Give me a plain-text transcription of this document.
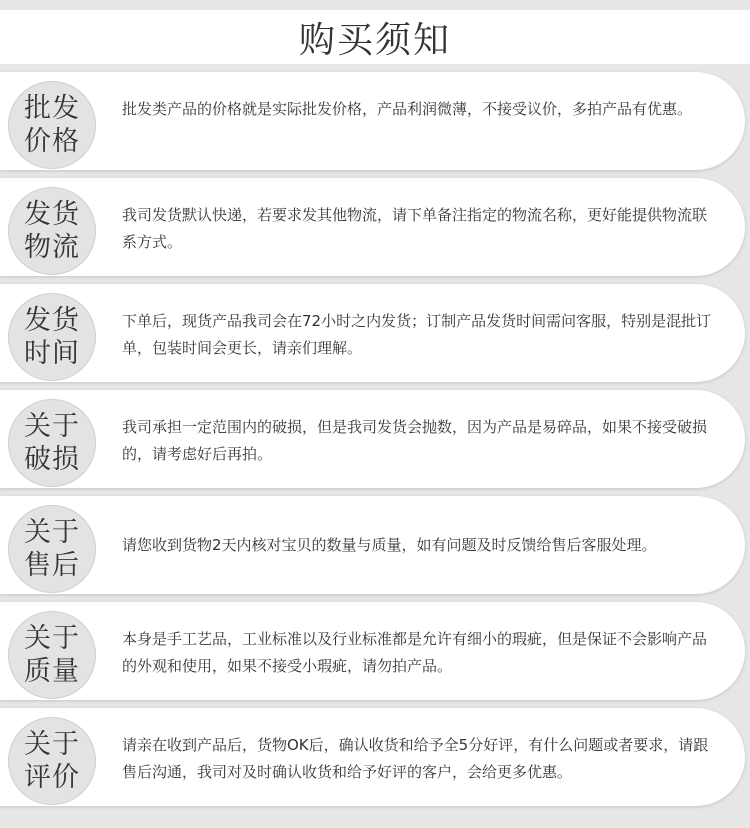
购买须知
批发
价格
批发类产品的价格就是实际批发价格，产品利润微薄，不接受议价，多拍产品有优惠。
发货
物流
我司发货默认快递，若要求发其他物流，请下单备注指定的物流名称，更好能提供物流联系方式。
发货
时间
下单后，现货产品我司会在72小时之内发货；订制产品发货时间需问客服，特别是混批订单，包装时间会更长，请亲们理解。
关于
破损
我司承担一定范围内的破损，但是我司发货会抛数，因为产品是易碎品，如果不接受破损的，请考虑好后再拍。
关于
售后
请您收到货物2天内核对宝贝的数量与质量，如有问题及时反馈给售后客服处理。
关于
质量
本身是手工艺品，工业标准以及行业标准都是允许有细小的瑕疵，但是保证不会影响产品的外观和使用，如果不接受小瑕疵，请勿拍产品。
关于
评价
请亲在收到产品后，货物OK后，确认收货和给予全5分好评，有什么问题或者要求，请跟售后沟通，我司对及时确认收货和给予好评的客户，会给更多优惠。
